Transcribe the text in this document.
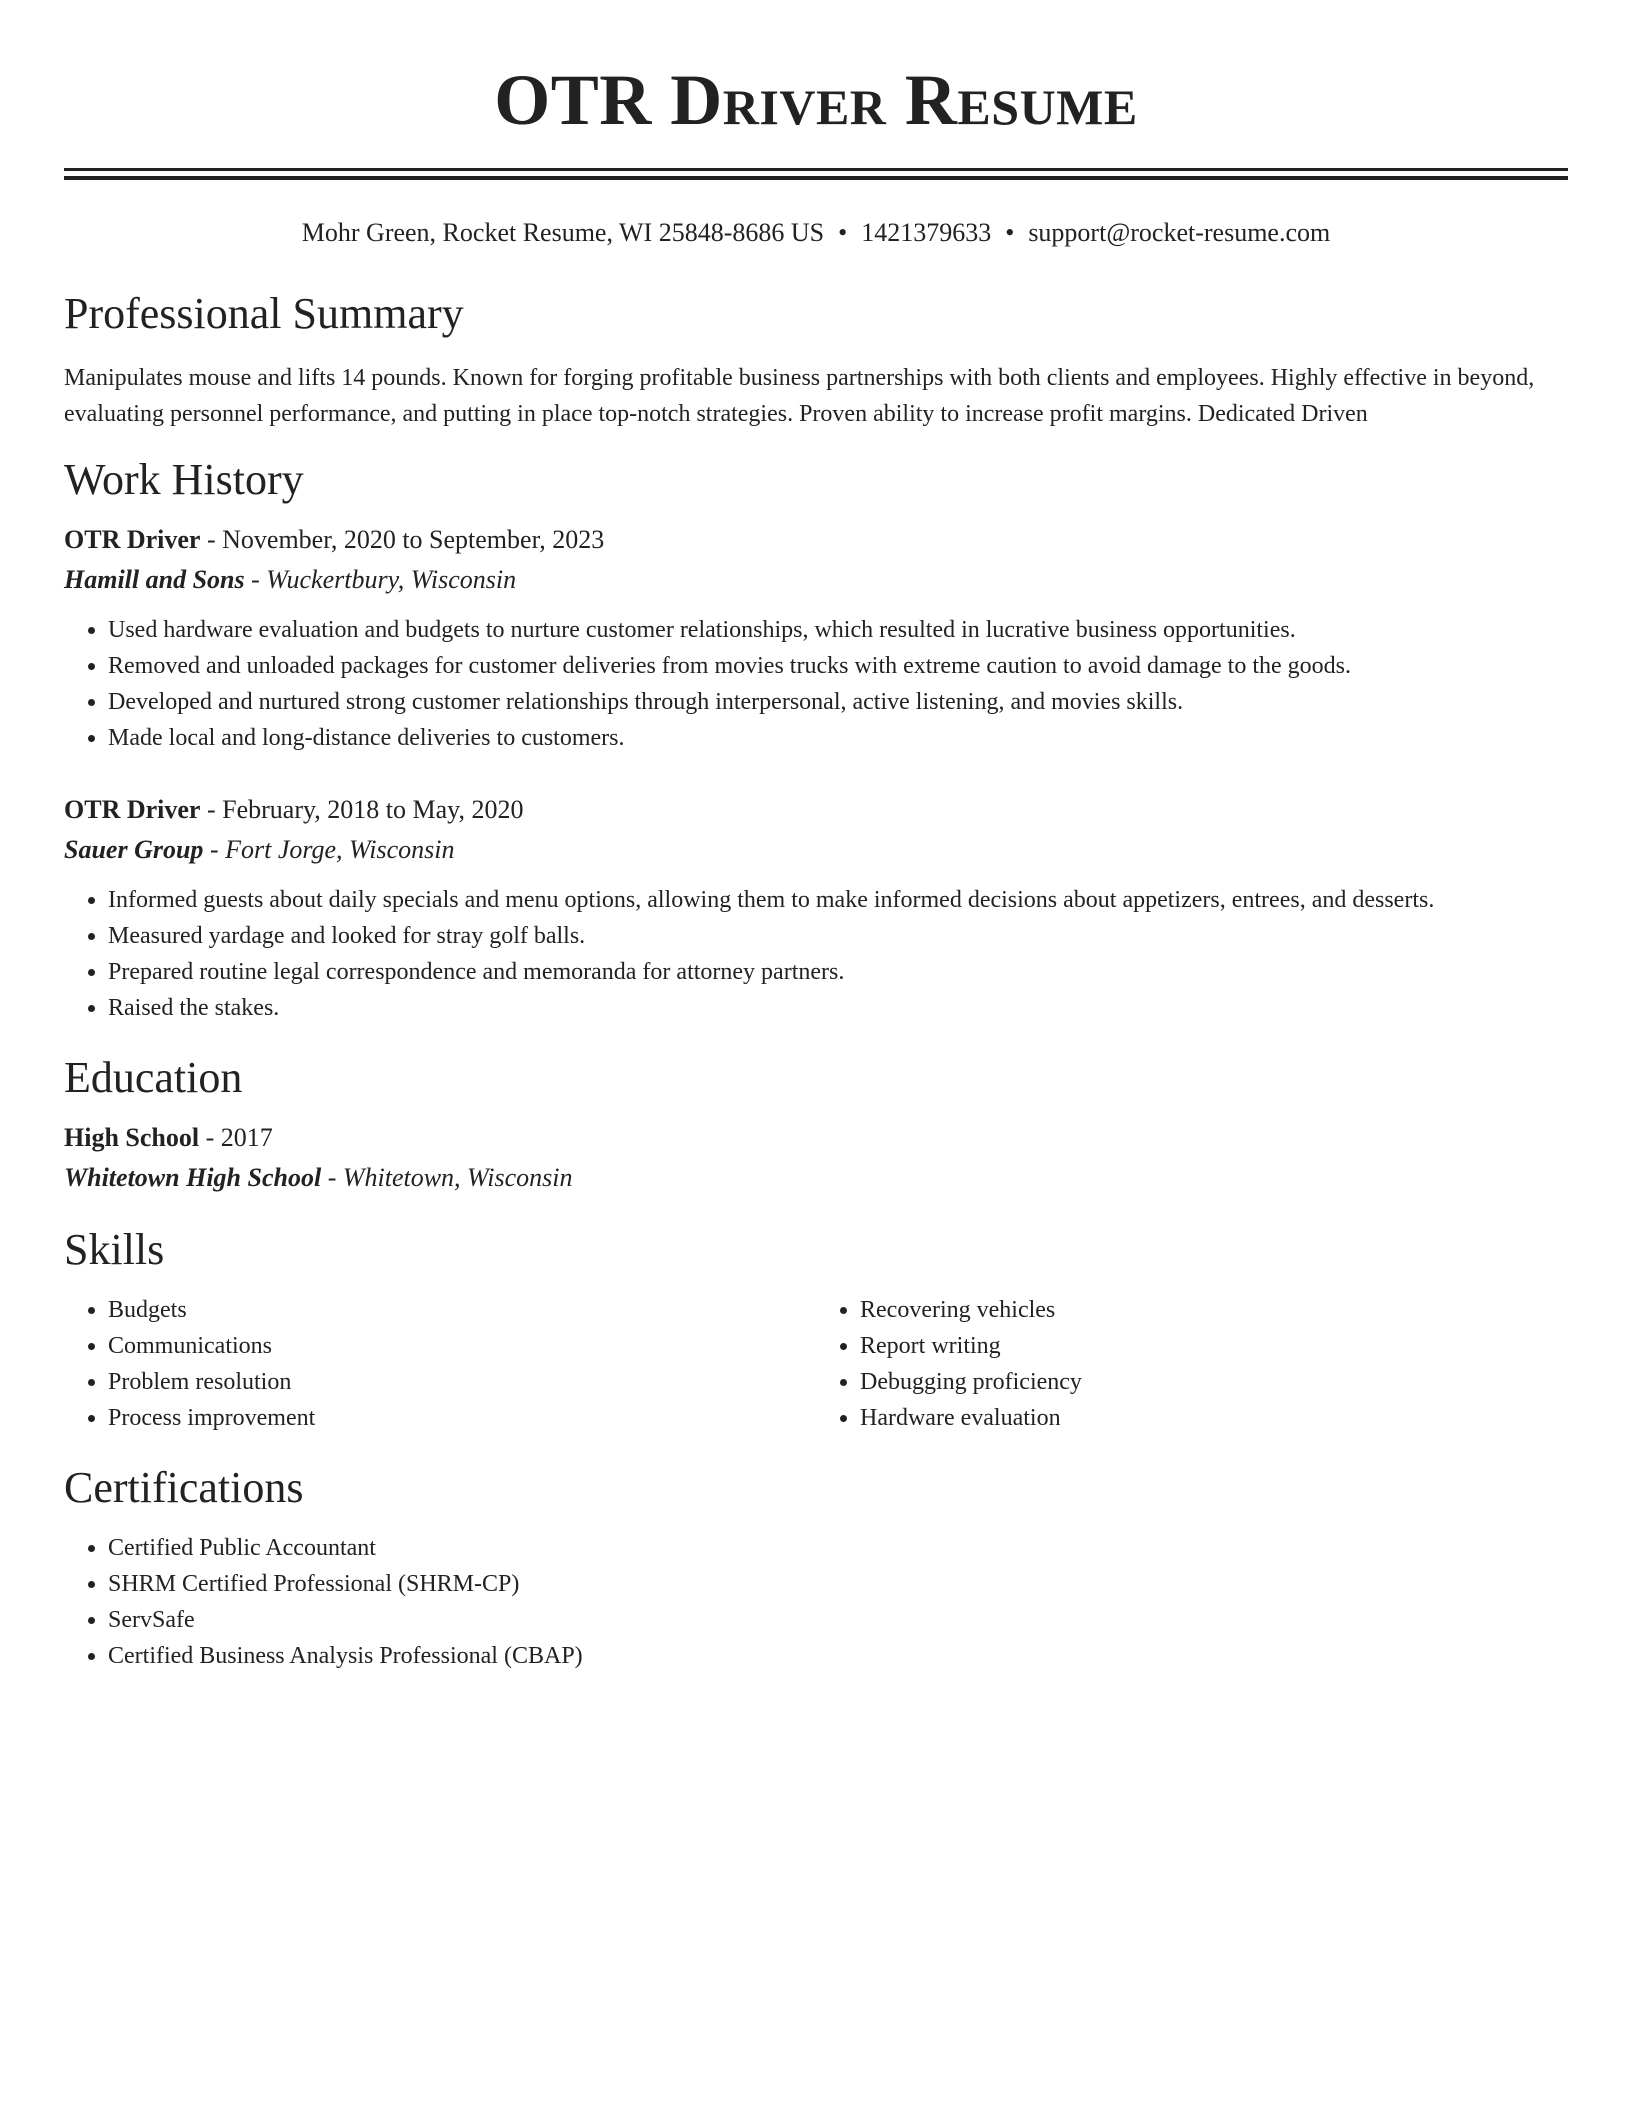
OTR Driver Resume
Mohr Green, Rocket Resume, WI 25848-8686 US • 1421379633 • support@rocket-resume.com
Professional Summary

Manipulates mouse and lifts 14 pounds. Known for forging profitable business partnerships with both clients and employees. Highly effective in beyond, evaluating personnel performance, and putting in place top-notch strategies. Proven ability to increase profit margins. Dedicated Driven

Work History
OTR Driver - November, 2020 to September, 2023
Hamill and Sons - Wuckertbury, Wisconsin
• Used hardware evaluation and budgets to nurture customer relationships, which resulted in lucrative business opportunities.
• Removed and unloaded packages for customer deliveries from movies trucks with extreme caution to avoid damage to the goods.
• Developed and nurtured strong customer relationships through interpersonal, active listening, and movies skills.
• Made local and long-distance deliveries to customers.
OTR Driver - February, 2018 to May, 2020
Sauer Group - Fort Jorge, Wisconsin
• Informed guests about daily specials and menu options, allowing them to make informed decisions about appetizers, entrees, and desserts.
• Measured yardage and looked for stray golf balls.
• Prepared routine legal correspondence and memoranda for attorney partners.
• Raised the stakes.
Education
High School - 2017
Whitetown High School - Whitetown, Wisconsin
Skills
• Budgets
• Communications
• Problem resolution
• Process improvement
• Recovering vehicles
• Report writing
• Debugging proficiency
• Hardware evaluation
Certifications
• Certified Public Accountant
• SHRM Certified Professional (SHRM-CP)
• ServSafe
• Certified Business Analysis Professional (CBAP)
